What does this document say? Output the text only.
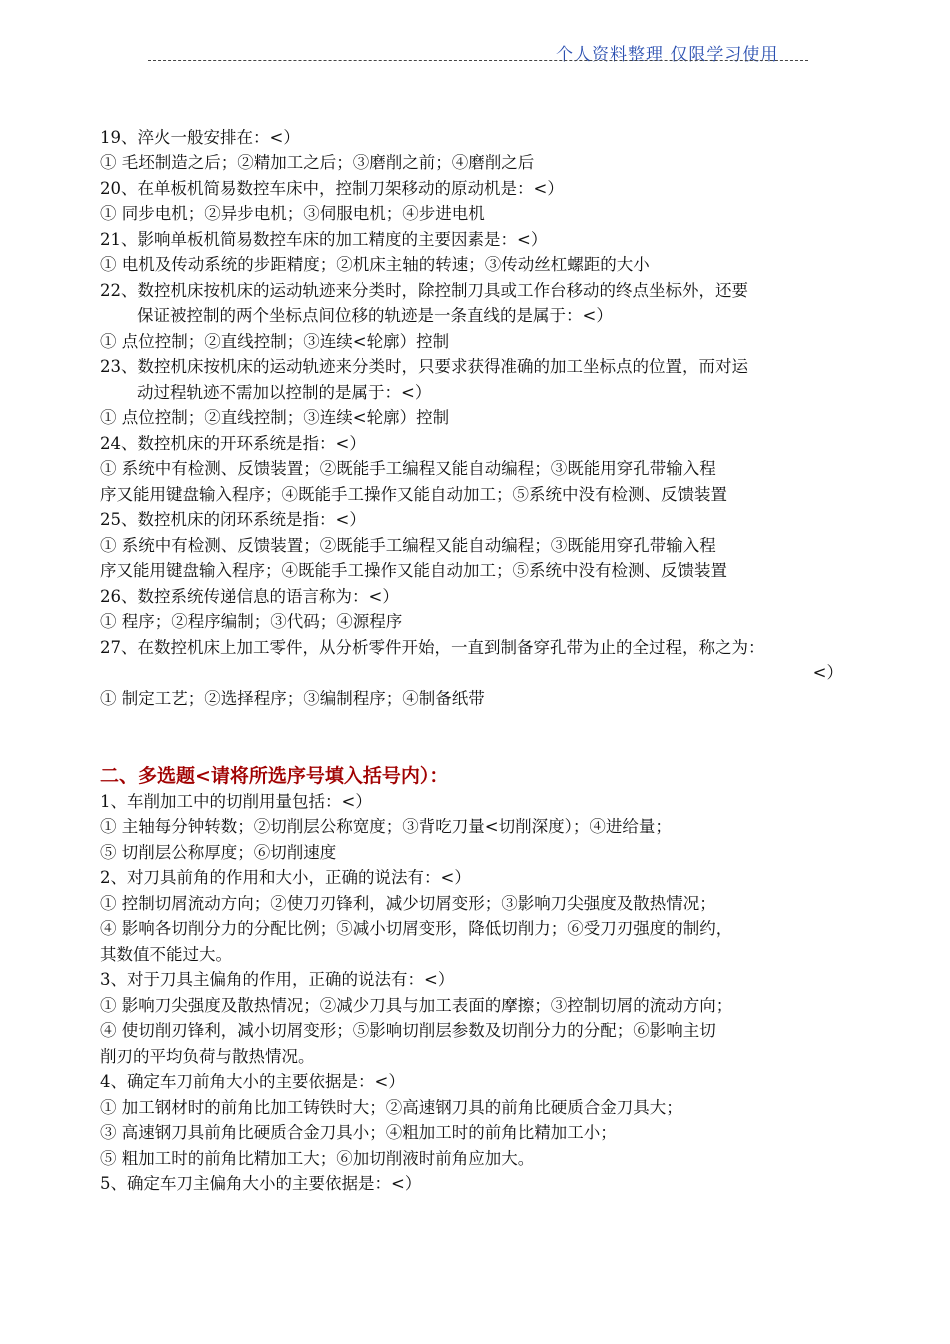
个人资料整理 仅限学习使用
19、淬火一般安排在：<）
① 毛坯制造之后；②精加工之后；③磨削之前；④磨削之后
20、在单板机简易数控车床中，控制刀架移动的原动机是：<）
① 同步电机；②异步电机；③伺服电机；④步进电机
21、影响单板机简易数控车床的加工精度的主要因素是：<）
① 电机及传动系统的步距精度；②机床主轴的转速；③传动丝杠螺距的大小
22、数控机床按机床的运动轨迹来分类时，除控制刀具或工作台移动的终点坐标外，还要
保证被控制的两个坐标点间位移的轨迹是一条直线的是属于：<）
① 点位控制；②直线控制；③连续<轮廓）控制
23、数控机床按机床的运动轨迹来分类时，只要求获得准确的加工坐标点的位置，而对运
动过程轨迹不需加以控制的是属于：<）
① 点位控制；②直线控制；③连续<轮廓）控制
24、数控机床的开环系统是指：<）
① 系统中有检测、反馈装置；②既能手工编程又能自动编程；③既能用穿孔带输入程
序又能用键盘输入程序；④既能手工操作又能自动加工；⑤系统中没有检测、反馈装置
25、数控机床的闭环系统是指：<）
① 系统中有检测、反馈装置；②既能手工编程又能自动编程；③既能用穿孔带输入程
序又能用键盘输入程序；④既能手工操作又能自动加工；⑤系统中没有检测、反馈装置
26、数控系统传递信息的语言称为：<）
① 程序；②程序编制；③代码；④源程序
27、在数控机床上加工零件，从分析零件开始，一直到制备穿孔带为止的全过程，称之为：
<）
① 制定工艺；②选择程序；③编制程序；④制备纸带
二、多选题<请将所选序号填入括号内）：
1、车削加工中的切削用量包括：<）
① 主轴每分钟转数；②切削层公称宽度；③背吃刀量<切削深度）；④进给量；
⑤ 切削层公称厚度；⑥切削速度
2、对刀具前角的作用和大小，正确的说法有：<）
① 控制切屑流动方向；②使刀刃锋利，减少切屑变形；③影响刀尖强度及散热情况；
④ 影响各切削分力的分配比例；⑤减小切屑变形，降低切削力；⑥受刀刃强度的制约，
其数值不能过大。
3、对于刀具主偏角的作用，正确的说法有：<）
① 影响刀尖强度及散热情况；②减少刀具与加工表面的摩擦；③控制切屑的流动方向；
④ 使切削刃锋利，减小切屑变形；⑤影响切削层参数及切削分力的分配；⑥影响主切
削刃的平均负荷与散热情况。
4、确定车刀前角大小的主要依据是：<）
① 加工钢材时的前角比加工铸铁时大；②高速钢刀具的前角比硬质合金刀具大；
③ 高速钢刀具前角比硬质合金刀具小；④粗加工时的前角比精加工小；
⑤ 粗加工时的前角比精加工大；⑥加切削液时前角应加大。
5、确定车刀主偏角大小的主要依据是：<）
